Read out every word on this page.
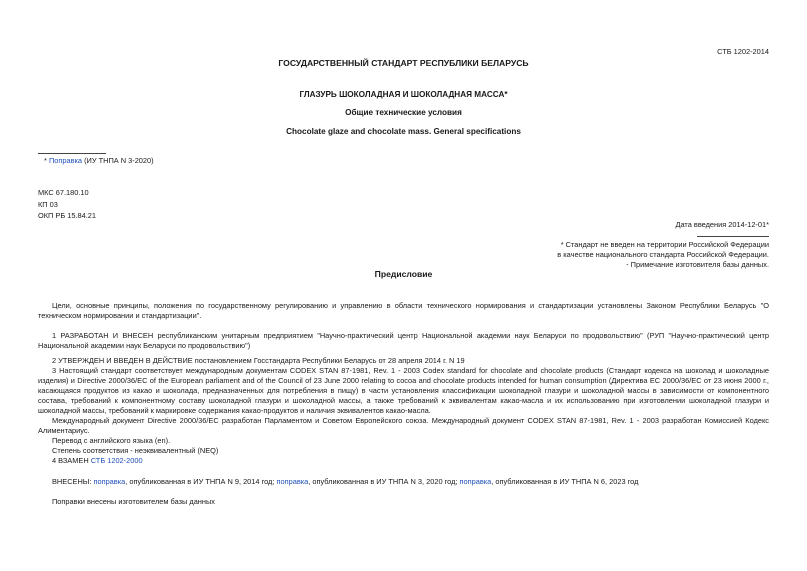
СТБ 1202-2014
ГОСУДАРСТВЕННЫЙ СТАНДАРТ РЕСПУБЛИКИ БЕЛАРУСЬ
ГЛАЗУРЬ ШОКОЛАДНАЯ И ШОКОЛАДНАЯ МАССА*
Общие технические условия
Chocolate glaze and chocolate mass. General specifications
* Поправка (ИУ ТНПА N 3-2020)
МКС 67.180.10
КП 03
ОКП РБ 15.84.21
Дата введения 2014-12-01*
* Стандарт не введен на территории Российской Федерации
в качестве национального стандарта Российской Федерации.
- Примечание изготовителя базы данных.
Предисловие
Цели, основные принципы, положения по государственному регулированию и управлению в области технического нормирования и стандартизации установлены Законом Республики Беларусь "О техническом нормировании и стандартизации".
1 РАЗРАБОТАН И ВНЕСЕН республиканским унитарным предприятием "Научно-практический центр Национальной академии наук Беларуси по продовольствию" (РУП "Научно-практический центр Национальной академии наук Беларуси по продовольствию")
2 УТВЕРЖДЕН И ВВЕДЕН В ДЕЙСТВИЕ постановлением Госстандарта Республики Беларусь от 28 апреля 2014 г. N 19
3 Настоящий стандарт соответствует международным документам CODEX STAN 87-1981, Rev. 1 - 2003 Codex standard for chocolate and chocolate products (Стандарт кодекса на шоколад и шоколадные изделия) и Directive 2000/36/EC of the European parliament and of the Council of 23 June 2000 relating to cocoa and chocolate products intended for human consumption (Директива ЕС 2000/36/ЕС от 23 июня 2000 г., касающаяся продуктов из какао и шоколада, предназначенных для потребления в пищу) в части установления классификации шоколадной глазури и шоколадной массы в зависимости от компонентного состава, требований к компонентному составу шоколадной глазури и шоколадной массы, а также требований к эквивалентам какао-масла и их использованию при изготовлении шоколадной глазури и шоколадной массы, требований к маркировке содержания какао-продуктов и наличия эквивалентов какао-масла.
Международный документ Directive 2000/36/EC разработан Парламентом и Советом Европейского союза. Международный документ CODEX STAN 87-1981, Rev. 1 - 2003 разработан Комиссией Кодекс Алиментариус.
Перевод с английского языка (en).
Степень соответствия - неэквивалентный (NEQ)
4 ВЗАМЕН СТБ 1202-2000
ВНЕСЕНЫ: поправка, опубликованная в ИУ ТНПА N 9, 2014 год; поправка, опубликованная в ИУ ТНПА N 3, 2020 год; поправка, опубликованная в ИУ ТНПА N 6, 2023 год
Поправки внесены изготовителем базы данных
